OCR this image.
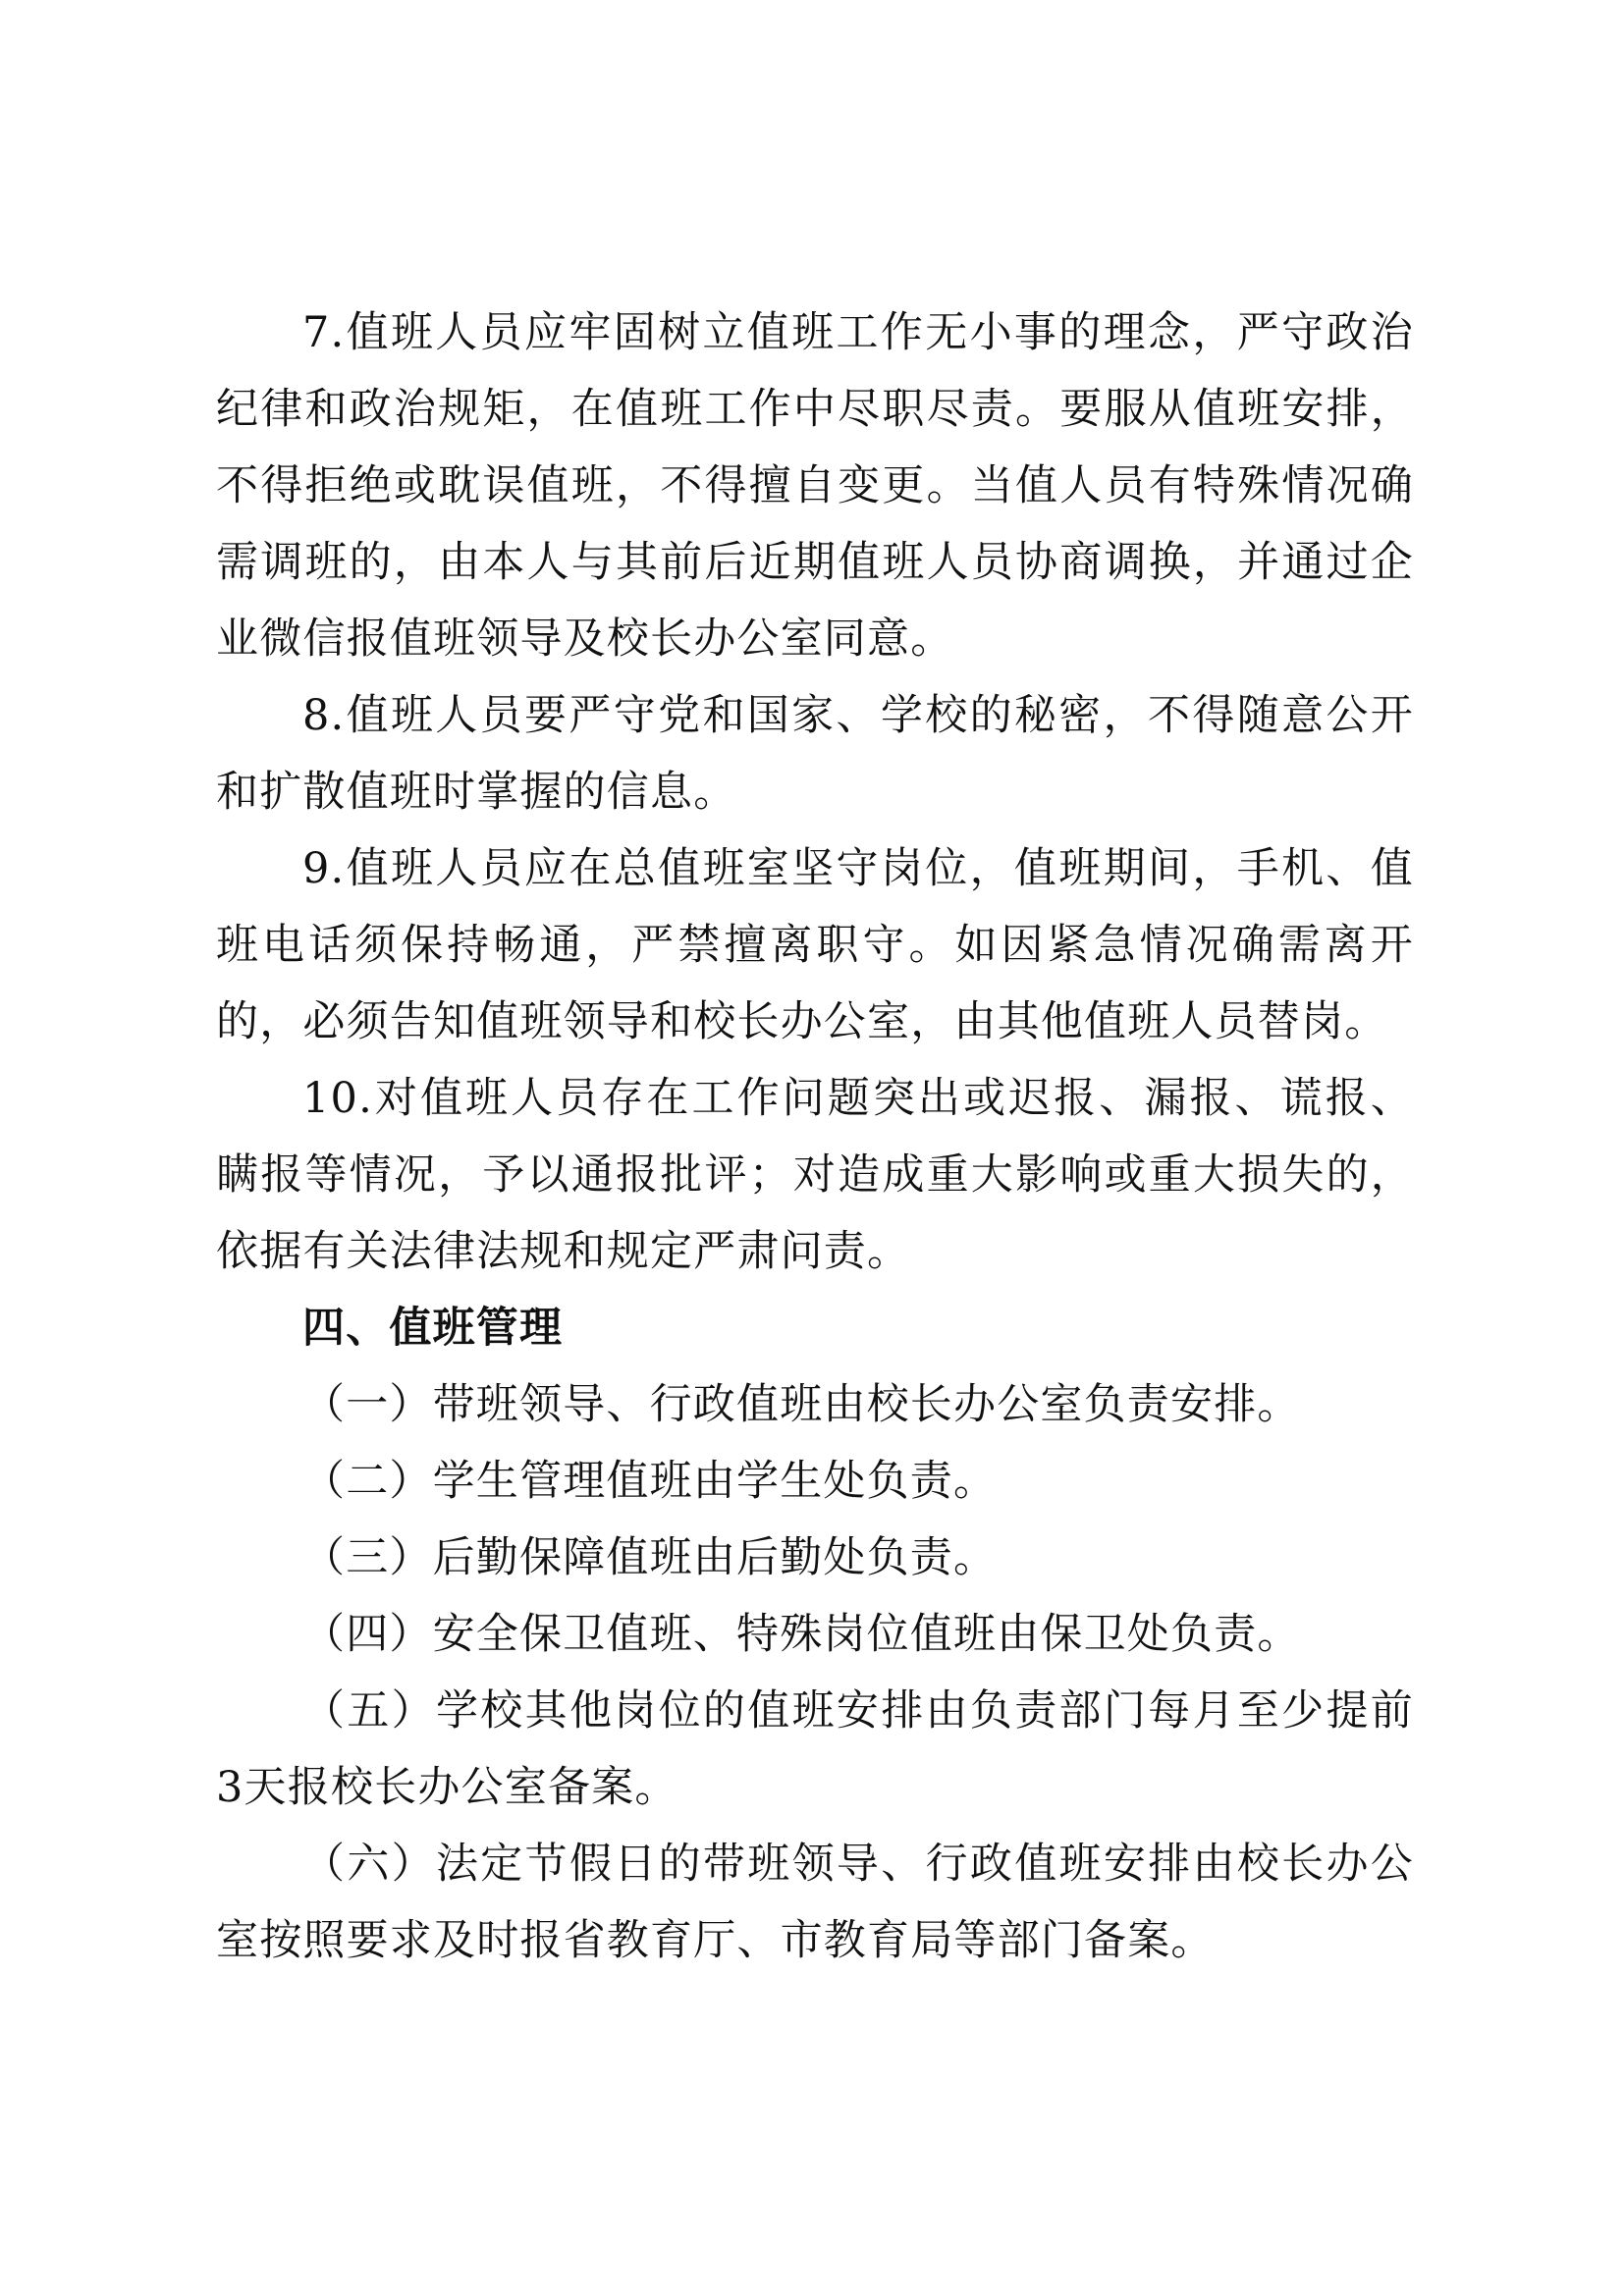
7.值班人员应牢固树立值班工作无小事的理念，严守政治纪律和政治规矩，在值班工作中尽职尽责。要服从值班安排，不得拒绝或耽误值班，不得擅自变更。当值人员有特殊情况确需调班的，由本人与其前后近期值班人员协商调换，并通过企业微信报值班领导及校长办公室同意。

8.值班人员要严守党和国家、学校的秘密，不得随意公开和扩散值班时掌握的信息。

9.值班人员应在总值班室坚守岗位，值班期间，手机、值班电话须保持畅通，严禁擅离职守。如因紧急情况确需离开的，必须告知值班领导和校长办公室，由其他值班人员替岗。

10.对值班人员存在工作问题突出或迟报、漏报、谎报、瞒报等情况，予以通报批评；对造成重大影响或重大损失的，依据有关法律法规和规定严肃问责。

四、值班管理

（一）带班领导、行政值班由校长办公室负责安排。

（二）学生管理值班由学生处负责。

（三）后勤保障值班由后勤处负责。

（四）安全保卫值班、特殊岗位值班由保卫处负责。

（五）学校其他岗位的值班安排由负责部门每月至少提前3天报校长办公室备案。

（六）法定节假日的带班领导、行政值班安排由校长办公室按照要求及时报省教育厅、市教育局等部门备案。
